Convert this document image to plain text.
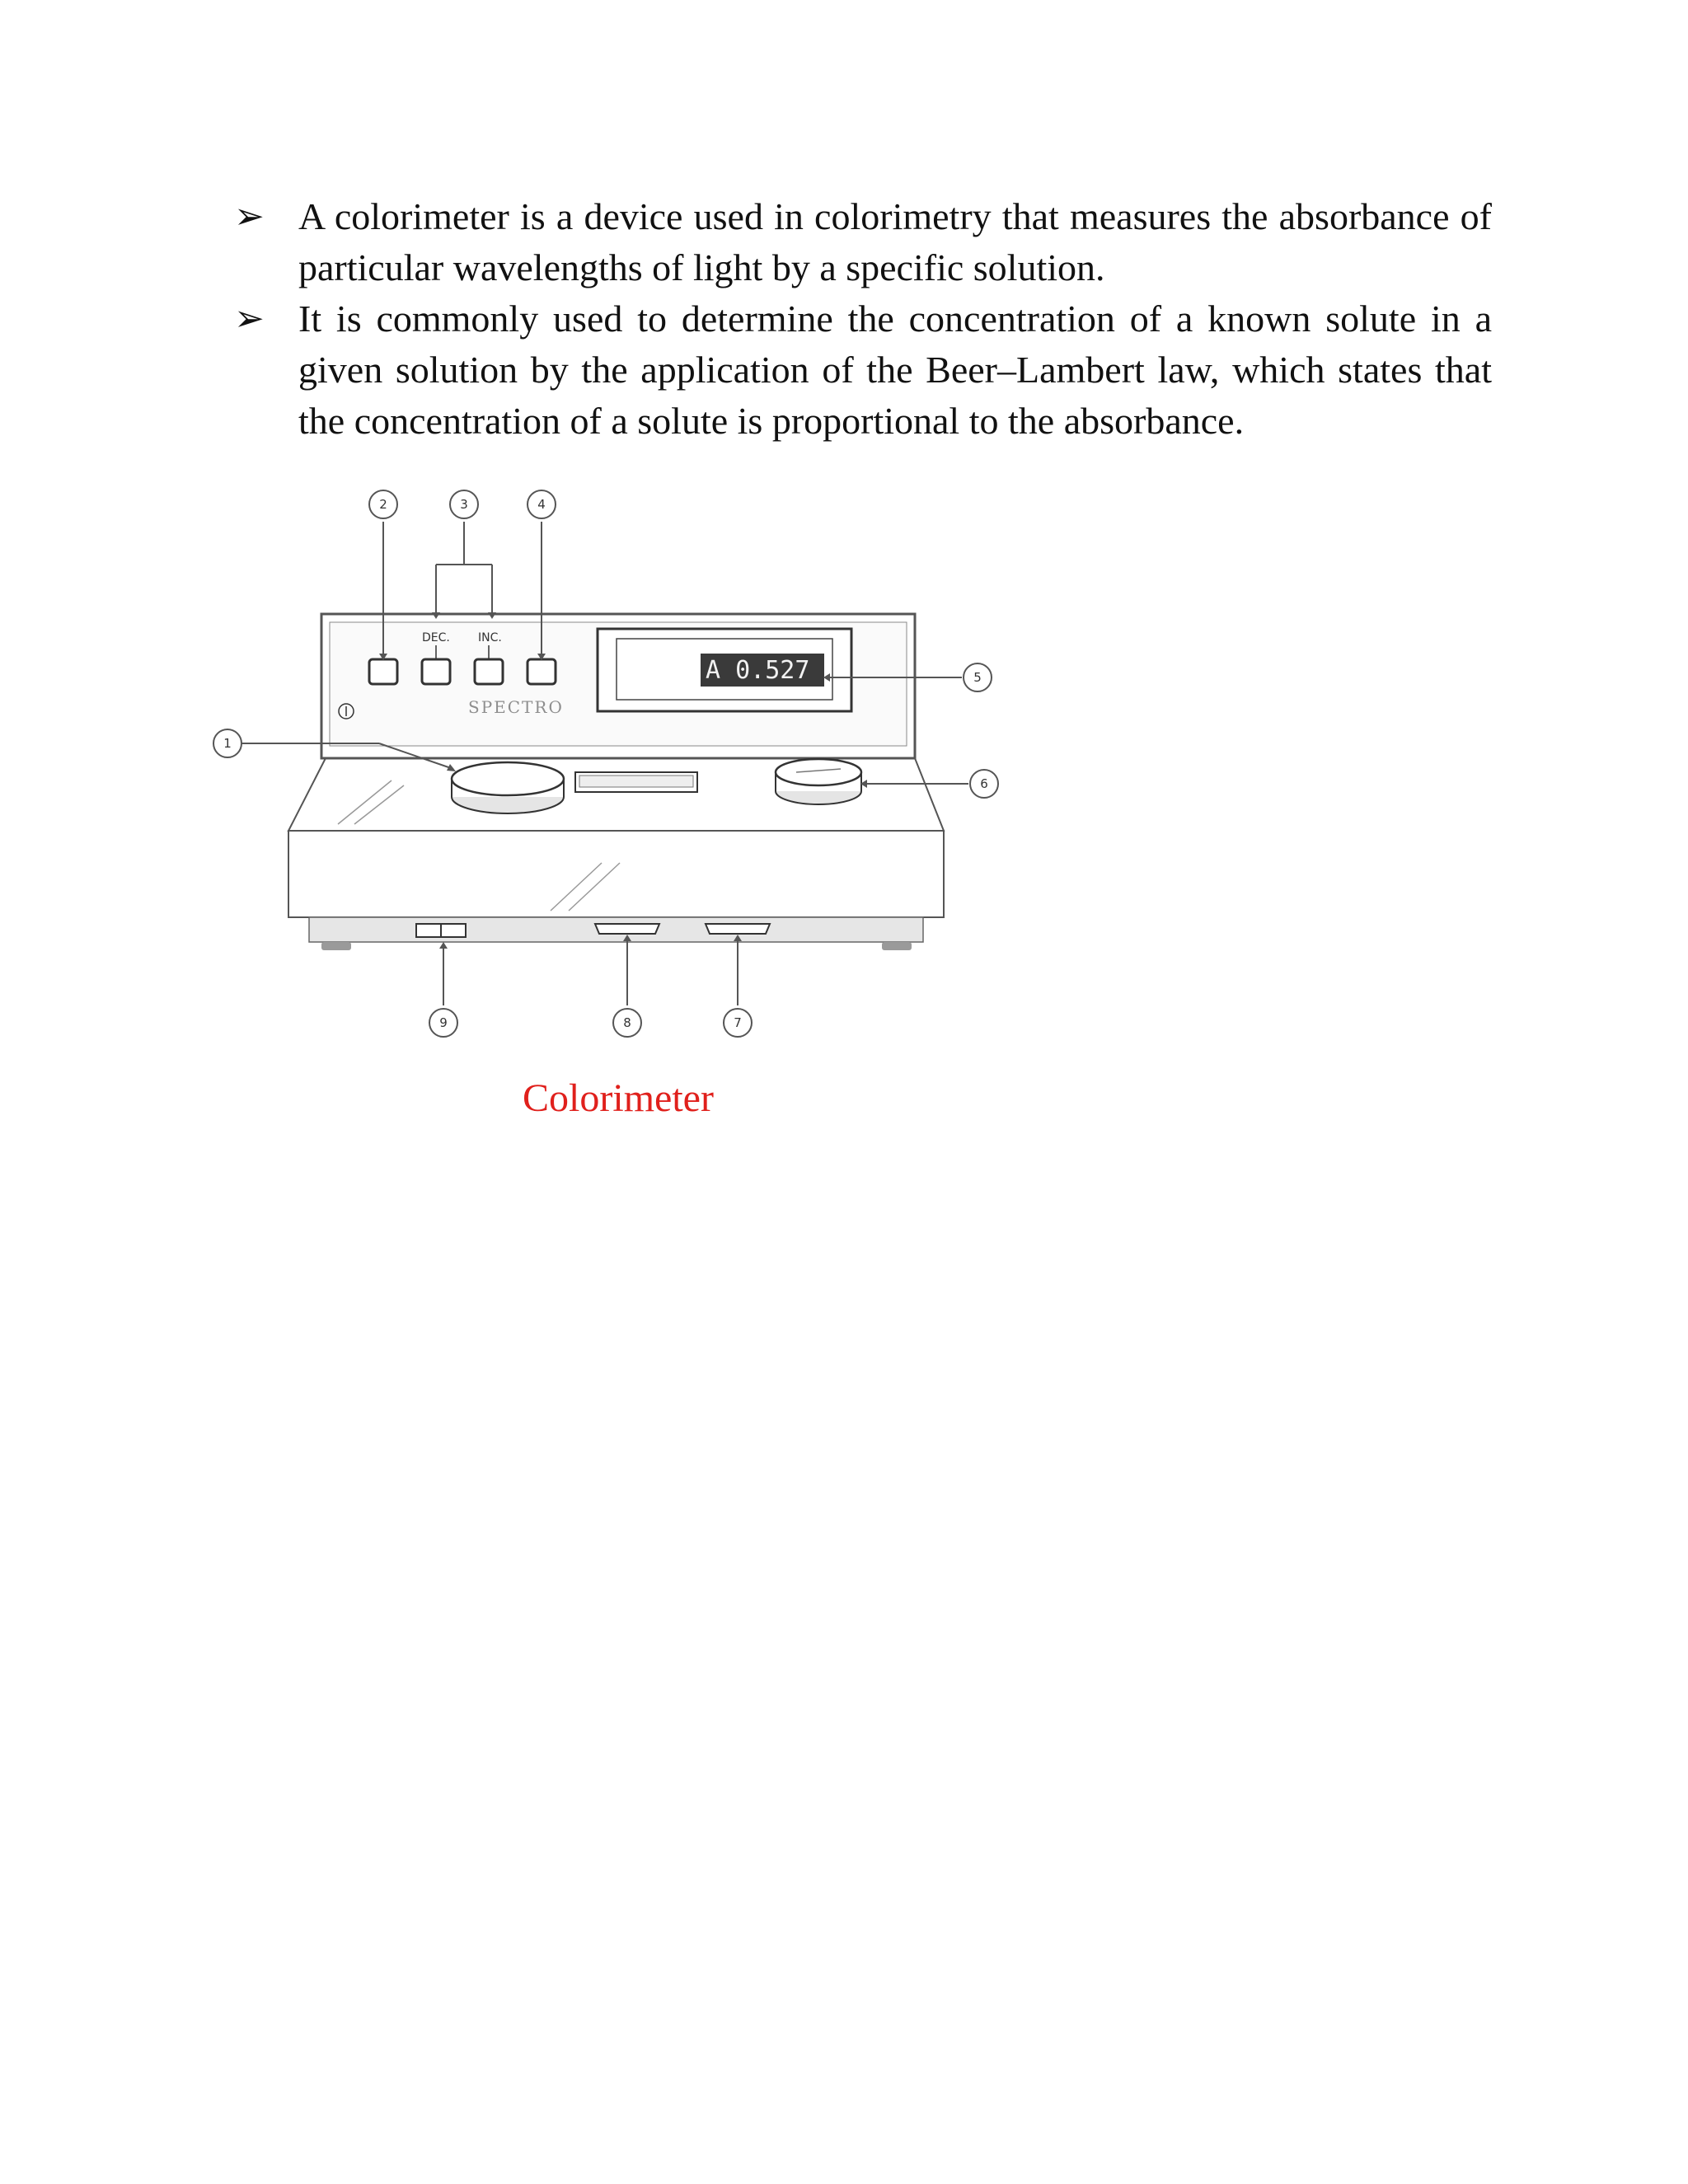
➢ A colorimeter is a device used in colorimetry that measures the absorbance of particular wavelengths of light by a specific solution.
➢ It is commonly used to determine the concentration of a known solute in a given solution by the application of the Beer–Lambert law, which states that the concentration of a solute is proportional to the absorbance.
DEC. INC.
SPECTRO
A 0.527
2	3	4
5
1
6
9	8	7
Colorimeter
